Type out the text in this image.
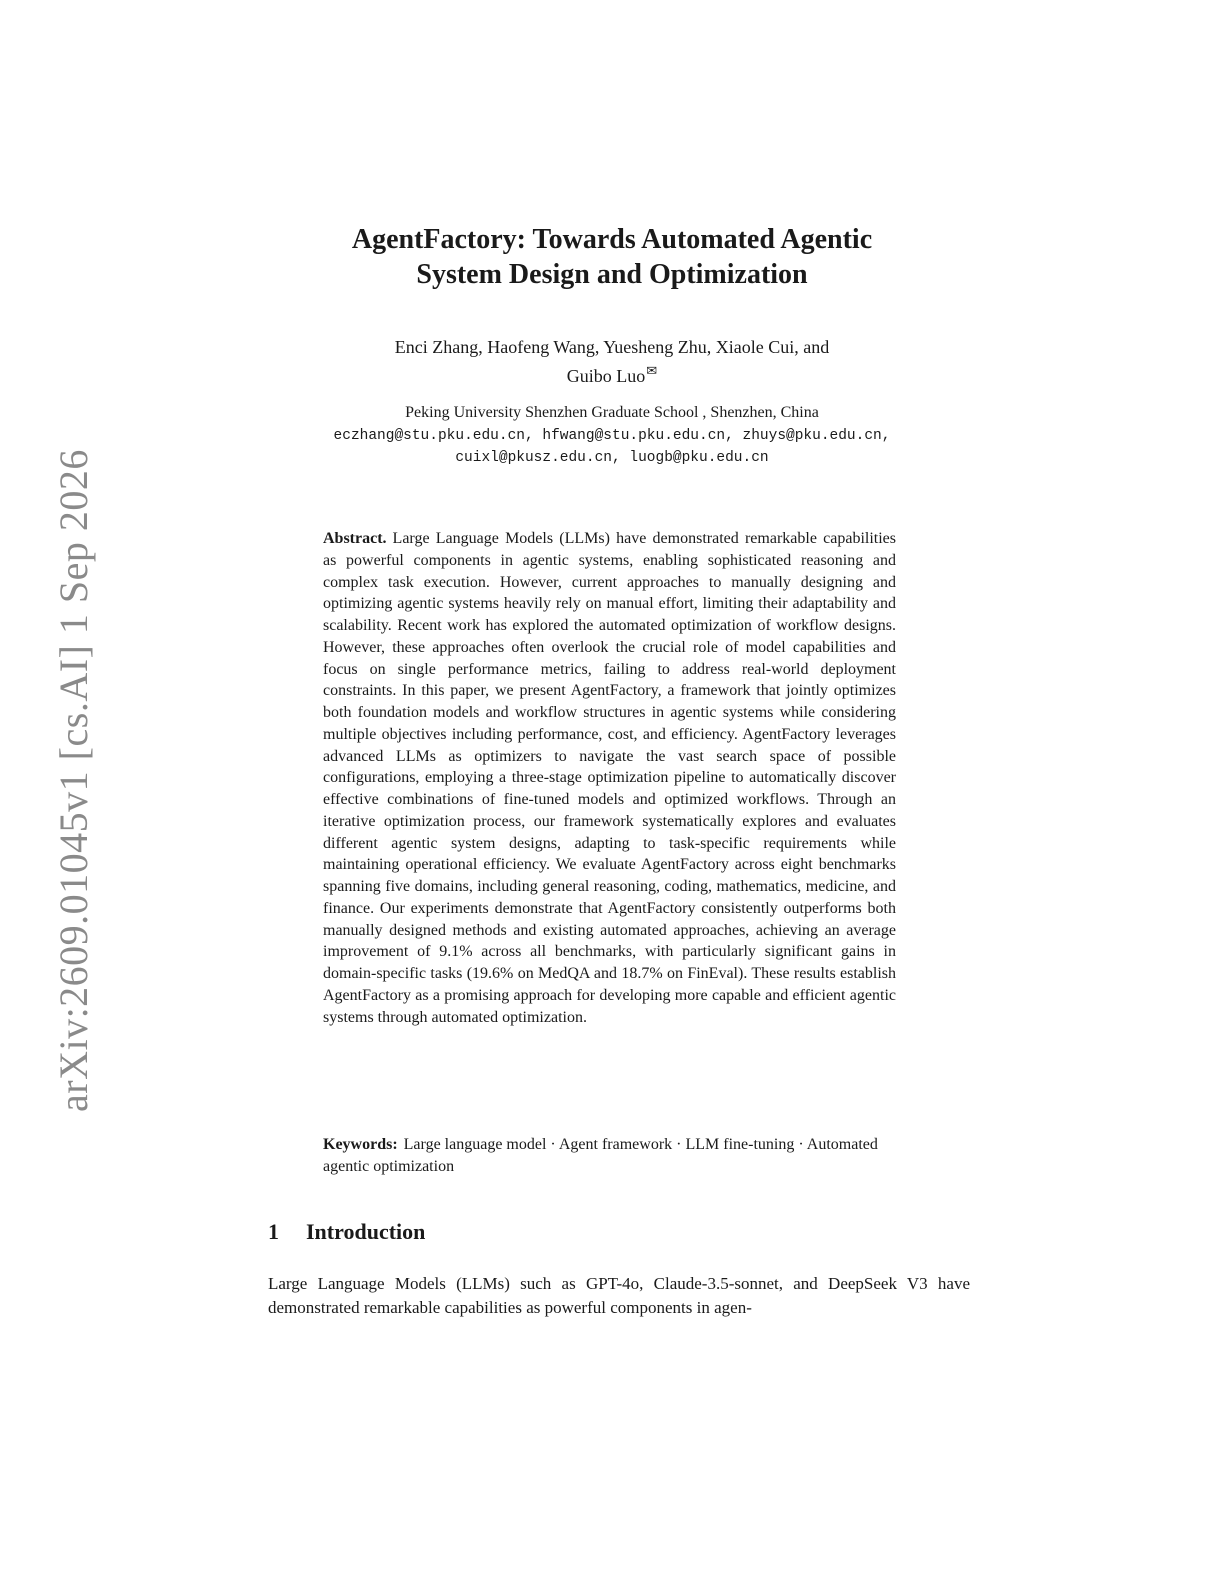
arXiv:2609.01045v1 [cs.AI] 1 Sep 2026
AgentFactory: Towards Automated Agentic
System Design and Optimization
Enci Zhang, Haofeng Wang, Yuesheng Zhu, Xiaole Cui, and
Guibo Luo✉
Peking University Shenzhen Graduate School , Shenzhen, China
eczhang@stu.pku.edu.cn, hfwang@stu.pku.edu.cn, zhuys@pku.edu.cn,
cuixl@pkusz.edu.cn, luogb@pku.edu.cn
Abstract. Large Language Models (LLMs) have demonstrated remarkable capabilities as powerful components in agentic systems, enabling sophisticated reasoning and complex task execution. However, current approaches to manually designing and optimizing agentic systems heavily rely on manual effort, limiting their adaptability and scalability. Recent work has explored the automated optimization of workflow designs. However, these approaches often overlook the crucial role of model capabilities and focus on single performance metrics, failing to address real-world deployment constraints. In this paper, we present AgentFactory, a framework that jointly optimizes both foundation models and workflow structures in agentic systems while considering multiple objectives including performance, cost, and efficiency. AgentFactory leverages advanced LLMs as optimizers to navigate the vast search space of possible configurations, employing a three-stage optimization pipeline to automatically discover effective combinations of fine-tuned models and optimized workflows. Through an iterative optimization process, our framework systematically explores and evaluates different agentic system designs, adapting to task-specific requirements while maintaining operational efficiency. We evaluate AgentFactory across eight benchmarks spanning five domains, including general reasoning, coding, mathematics, medicine, and finance. Our experiments demonstrate that AgentFactory consistently outperforms both manually designed methods and existing automated approaches, achieving an average improvement of 9.1% across all benchmarks, with particularly significant gains in domain-specific tasks (19.6% on MedQA and 18.7% on FinEval). These results establish AgentFactory as a promising approach for developing more capable and efficient agentic systems through automated optimization.
Keywords: Large language model · Agent framework · LLM fine-tuning · Automated agentic optimization
1 Introduction
Large Language Models (LLMs) such as GPT-4o, Claude-3.5-sonnet, and DeepSeek V3 have demonstrated remarkable capabilities as powerful components in agen-
